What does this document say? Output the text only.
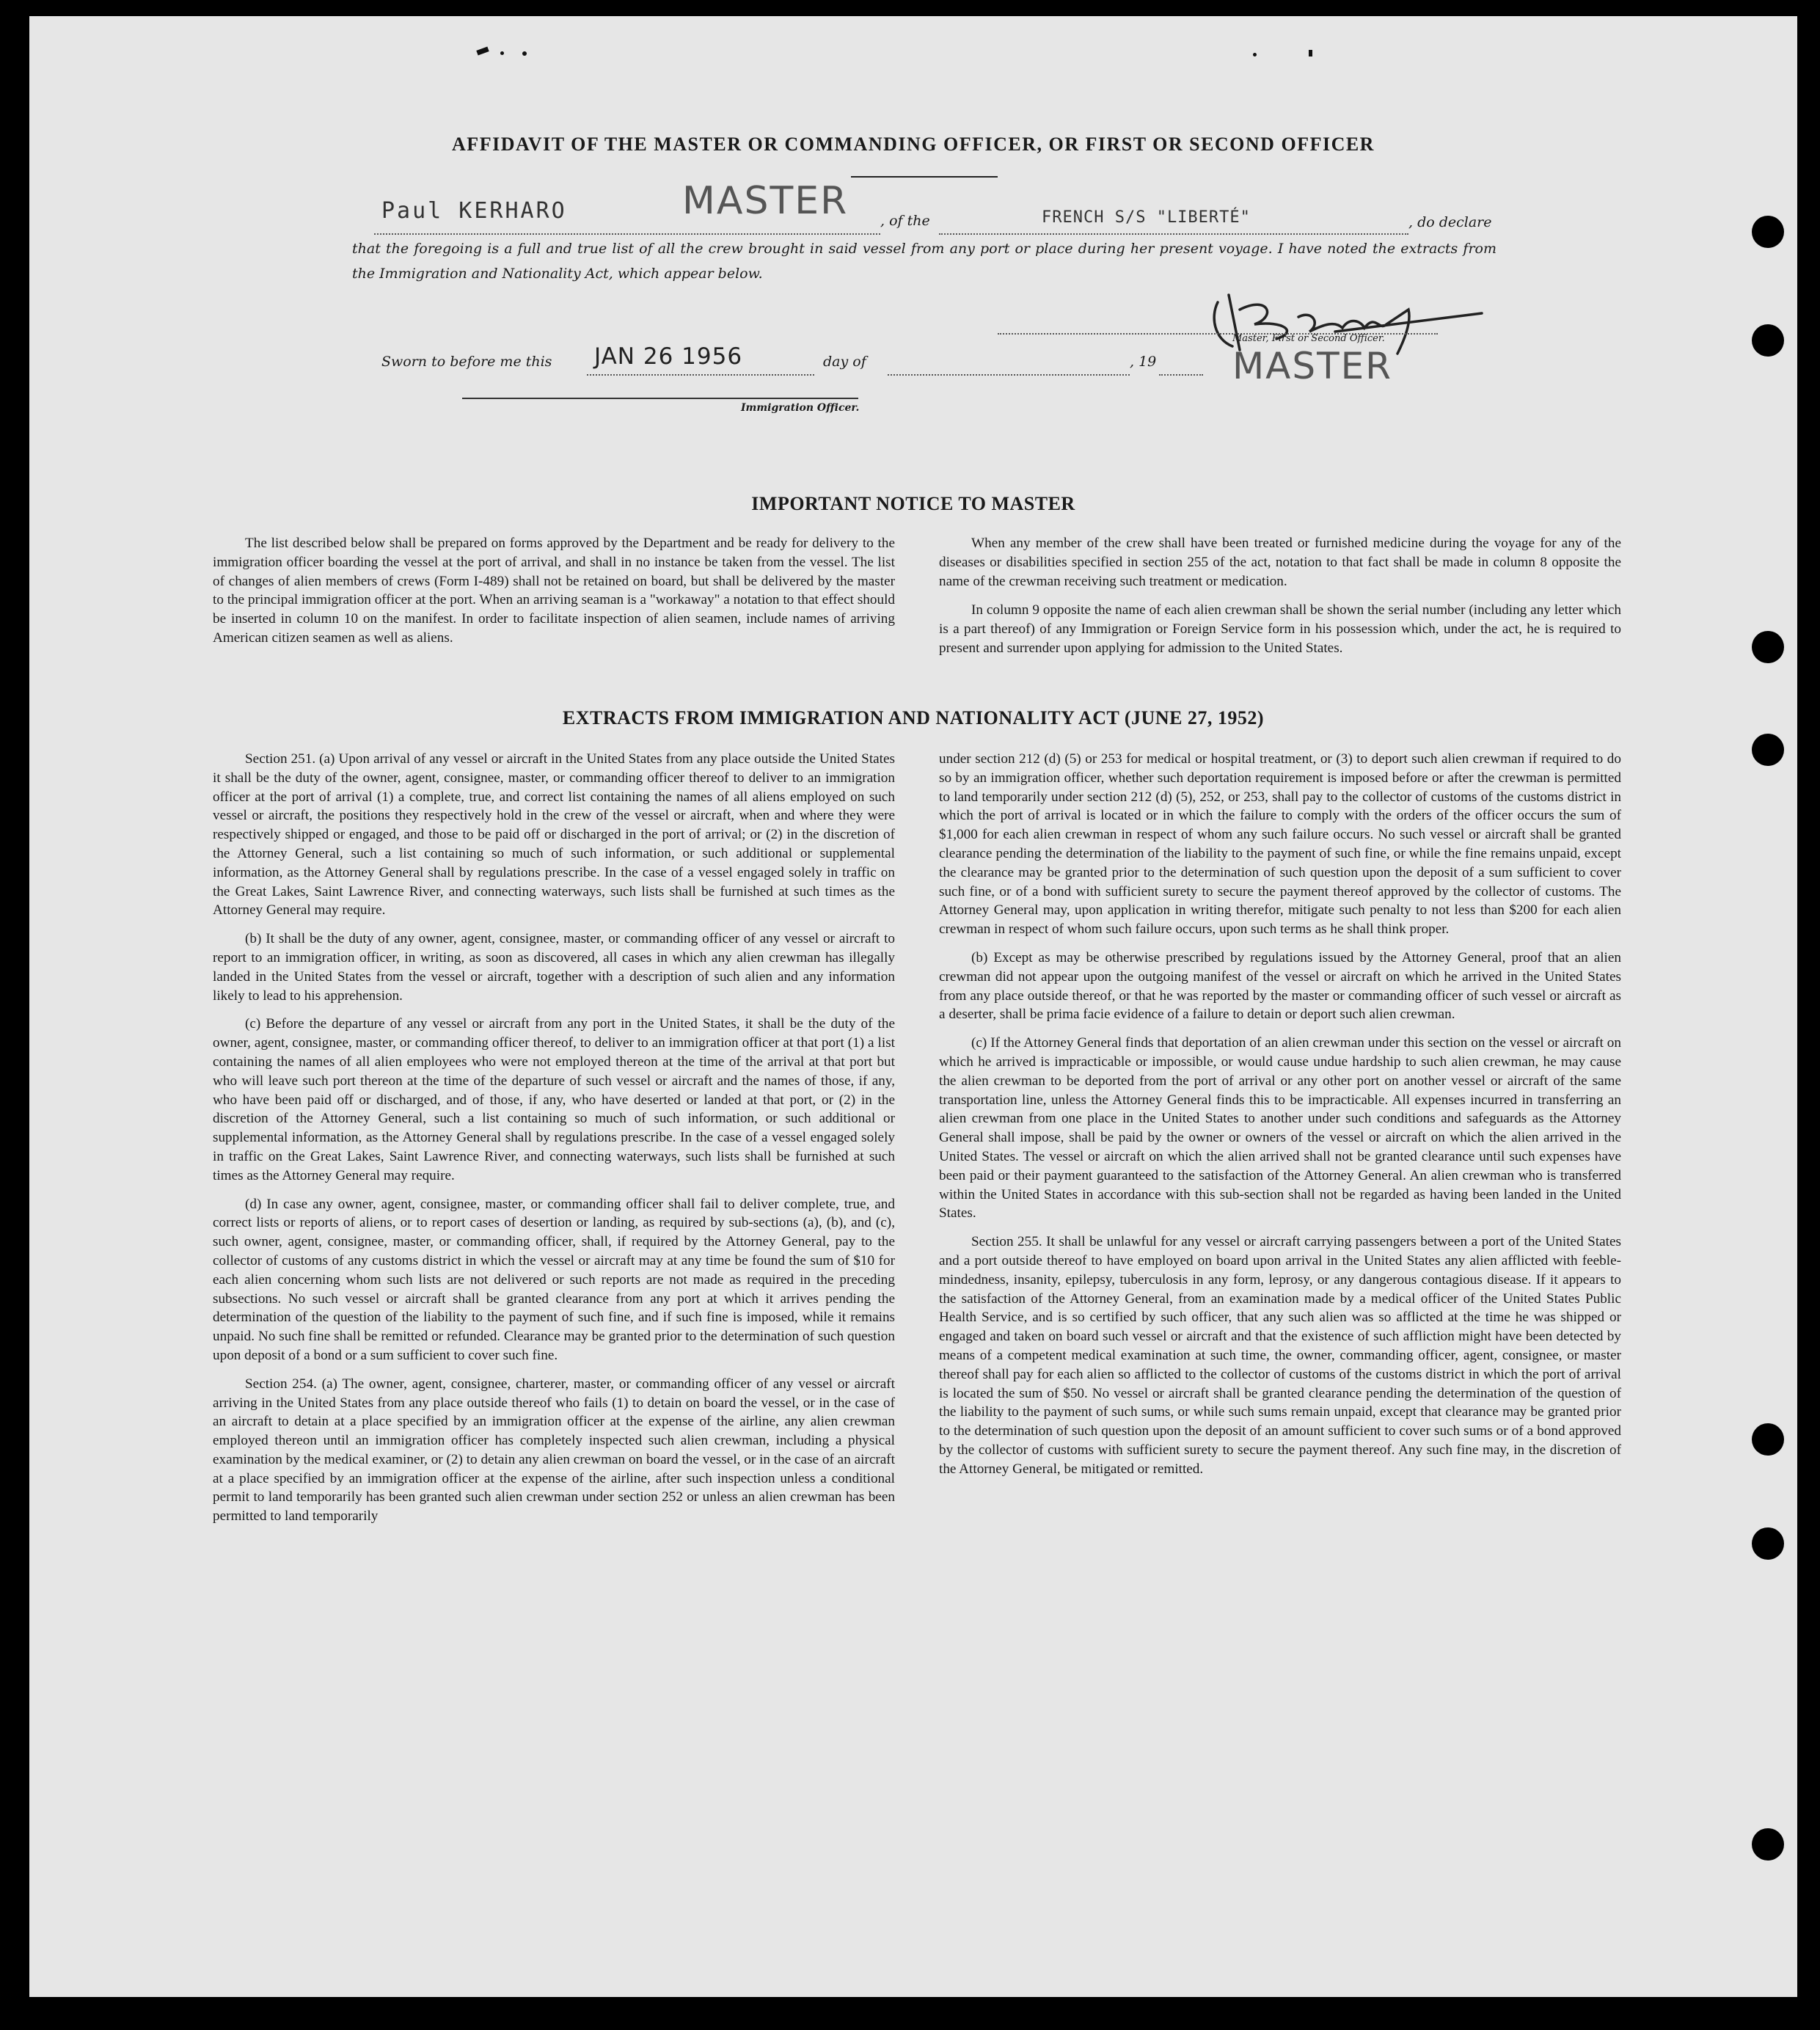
AFFIDAVIT OF THE MASTER OR COMMANDING OFFICER, OR FIRST OR SECOND OFFICER
Paul KERHARO	MASTER , of the	FRENCH S/S "LIBERTÉ"	, do declare
that the foregoing is a full and true list of all the crew brought in said vessel from any port or place during her present voyage. I have noted the extracts from the Immigration and Nationality Act, which appear below.
Master, First or Second Officer.
MASTER
Sworn to before me this JAN 26 1956	day of	, 19
Immigration Officer.
IMPORTANT NOTICE TO MASTER

The list described below shall be prepared on forms approved by the Department and be ready for delivery to the immigration officer boarding the vessel at the port of arrival, and shall in no instance be taken from the vessel. The list of changes of alien members of crews (Form I-489) shall not be retained on board, but shall be delivered by the master to the principal immigration officer at the port. When an arriving seaman is a "workaway" a notation to that effect should be inserted in column 10 on the manifest. In order to facilitate inspection of alien seamen, include names of arriving American citizen seamen as well as aliens.

When any member of the crew shall have been treated or furnished medicine during the voyage for any of the diseases or disabilities specified in section 255 of the act, notation to that fact shall be made in column 8 opposite the name of the crewman receiving such treatment or medication.

In column 9 opposite the name of each alien crewman shall be shown the serial number (including any letter which is a part thereof) of any Immigration or Foreign Service form in his possession which, under the act, he is required to present and surrender upon applying for admission to the United States.

EXTRACTS FROM IMMIGRATION AND NATIONALITY ACT (JUNE 27, 1952)

Section 251. (a) Upon arrival of any vessel or aircraft in the United States from any place outside the United States it shall be the duty of the owner, agent, consignee, master, or commanding officer thereof to deliver to an immigration officer at the port of arrival (1) a complete, true, and correct list containing the names of all aliens employed on such vessel or aircraft, the positions they respectively hold in the crew of the vessel or aircraft, when and where they were respectively shipped or engaged, and those to be paid off or discharged in the port of arrival; or (2) in the discretion of the Attorney General, such a list containing so much of such information, or such additional or supplemental information, as the Attorney General shall by regulations prescribe. In the case of a vessel engaged solely in traffic on the Great Lakes, Saint Lawrence River, and connecting waterways, such lists shall be furnished at such times as the Attorney General may require.

(b) It shall be the duty of any owner, agent, consignee, master, or commanding officer of any vessel or aircraft to report to an immigration officer, in writing, as soon as discovered, all cases in which any alien crewman has illegally landed in the United States from the vessel or aircraft, together with a description of such alien and any information likely to lead to his apprehension.

(c) Before the departure of any vessel or aircraft from any port in the United States, it shall be the duty of the owner, agent, consignee, master, or commanding officer thereof, to deliver to an immigration officer at that port (1) a list containing the names of all alien employees who were not employed thereon at the time of the arrival at that port but who will leave such port thereon at the time of the departure of such vessel or aircraft and the names of those, if any, who have been paid off or discharged, and of those, if any, who have deserted or landed at that port, or (2) in the discretion of the Attorney General, such a list containing so much of such information, or such additional or supplemental information, as the Attorney General shall by regulations prescribe. In the case of a vessel engaged solely in traffic on the Great Lakes, Saint Lawrence River, and connecting waterways, such lists shall be furnished at such times as the Attorney General may require.

(d) In case any owner, agent, consignee, master, or commanding officer shall fail to deliver complete, true, and correct lists or reports of aliens, or to report cases of desertion or landing, as required by sub-sections (a), (b), and (c), such owner, agent, consignee, master, or commanding officer, shall, if required by the Attorney General, pay to the collector of customs of any customs district in which the vessel or aircraft may at any time be found the sum of $10 for each alien concerning whom such lists are not delivered or such reports are not made as required in the preceding subsections. No such vessel or aircraft shall be granted clearance from any port at which it arrives pending the determination of the question of the liability to the payment of such fine, and if such fine is imposed, while it remains unpaid. No such fine shall be remitted or refunded. Clearance may be granted prior to the determination of such question upon deposit of a bond or a sum sufficient to cover such fine.

Section 254. (a) The owner, agent, consignee, charterer, master, or commanding officer of any vessel or aircraft arriving in the United States from any place outside thereof who fails (1) to detain on board the vessel, or in the case of an aircraft to detain at a place specified by an immigration officer at the expense of the airline, any alien crewman employed thereon until an immigration officer has completely inspected such alien crewman, including a physical examination by the medical examiner, or (2) to detain any alien crewman on board the vessel, or in the case of an aircraft at a place specified by an immigration officer at the expense of the airline, after such inspection unless a conditional permit to land temporarily has been granted such alien crewman under section 252 or unless an alien crewman has been permitted to land temporarily

under section 212 (d) (5) or 253 for medical or hospital treatment, or (3) to deport such alien crewman if required to do so by an immigration officer, whether such deportation requirement is imposed before or after the crewman is permitted to land temporarily under section 212 (d) (5), 252, or 253, shall pay to the collector of customs of the customs district in which the port of arrival is located or in which the failure to comply with the orders of the officer occurs the sum of $1,000 for each alien crewman in respect of whom any such failure occurs. No such vessel or aircraft shall be granted clearance pending the determination of the liability to the payment of such fine, or while the fine remains unpaid, except the clearance may be granted prior to the determination of such question upon the deposit of a sum sufficient to cover such fine, or of a bond with sufficient surety to secure the payment thereof approved by the collector of customs. The Attorney General may, upon application in writing therefor, mitigate such penalty to not less than $200 for each alien crewman in respect of whom such failure occurs, upon such terms as he shall think proper.

(b) Except as may be otherwise prescribed by regulations issued by the Attorney General, proof that an alien crewman did not appear upon the outgoing manifest of the vessel or aircraft on which he arrived in the United States from any place outside thereof, or that he was reported by the master or commanding officer of such vessel or aircraft as a deserter, shall be prima facie evidence of a failure to detain or deport such alien crewman.

(c) If the Attorney General finds that deportation of an alien crewman under this section on the vessel or aircraft on which he arrived is impracticable or impossible, or would cause undue hardship to such alien crewman, he may cause the alien crewman to be deported from the port of arrival or any other port on another vessel or aircraft of the same transportation line, unless the Attorney General finds this to be impracticable. All expenses incurred in transferring an alien crewman from one place in the United States to another under such conditions and safeguards as the Attorney General shall impose, shall be paid by the owner or owners of the vessel or aircraft on which the alien arrived in the United States. The vessel or aircraft on which the alien arrived shall not be granted clearance until such expenses have been paid or their payment guaranteed to the satisfaction of the Attorney General. An alien crewman who is transferred within the United States in accordance with this sub-section shall not be regarded as having been landed in the United States.

Section 255. It shall be unlawful for any vessel or aircraft carrying passengers between a port of the United States and a port outside thereof to have employed on board upon arrival in the United States any alien afflicted with feeble-mindedness, insanity, epilepsy, tuberculosis in any form, leprosy, or any dangerous contagious disease. If it appears to the satisfaction of the Attorney General, from an examination made by a medical officer of the United States Public Health Service, and is so certified by such officer, that any such alien was so afflicted at the time he was shipped or engaged and taken on board such vessel or aircraft and that the existence of such affliction might have been detected by means of a competent medical examination at such time, the owner, commanding officer, agent, consignee, or master thereof shall pay for each alien so afflicted to the collector of customs of the customs district in which the port of arrival is located the sum of $50. No vessel or aircraft shall be granted clearance pending the determination of the question of the liability to the payment of such sums, or while such sums remain unpaid, except that clearance may be granted prior to the determination of such question upon the deposit of an amount sufficient to cover such sums or of a bond approved by the collector of customs with sufficient surety to secure the payment thereof. Any such fine may, in the discretion of the Attorney General, be mitigated or remitted.
